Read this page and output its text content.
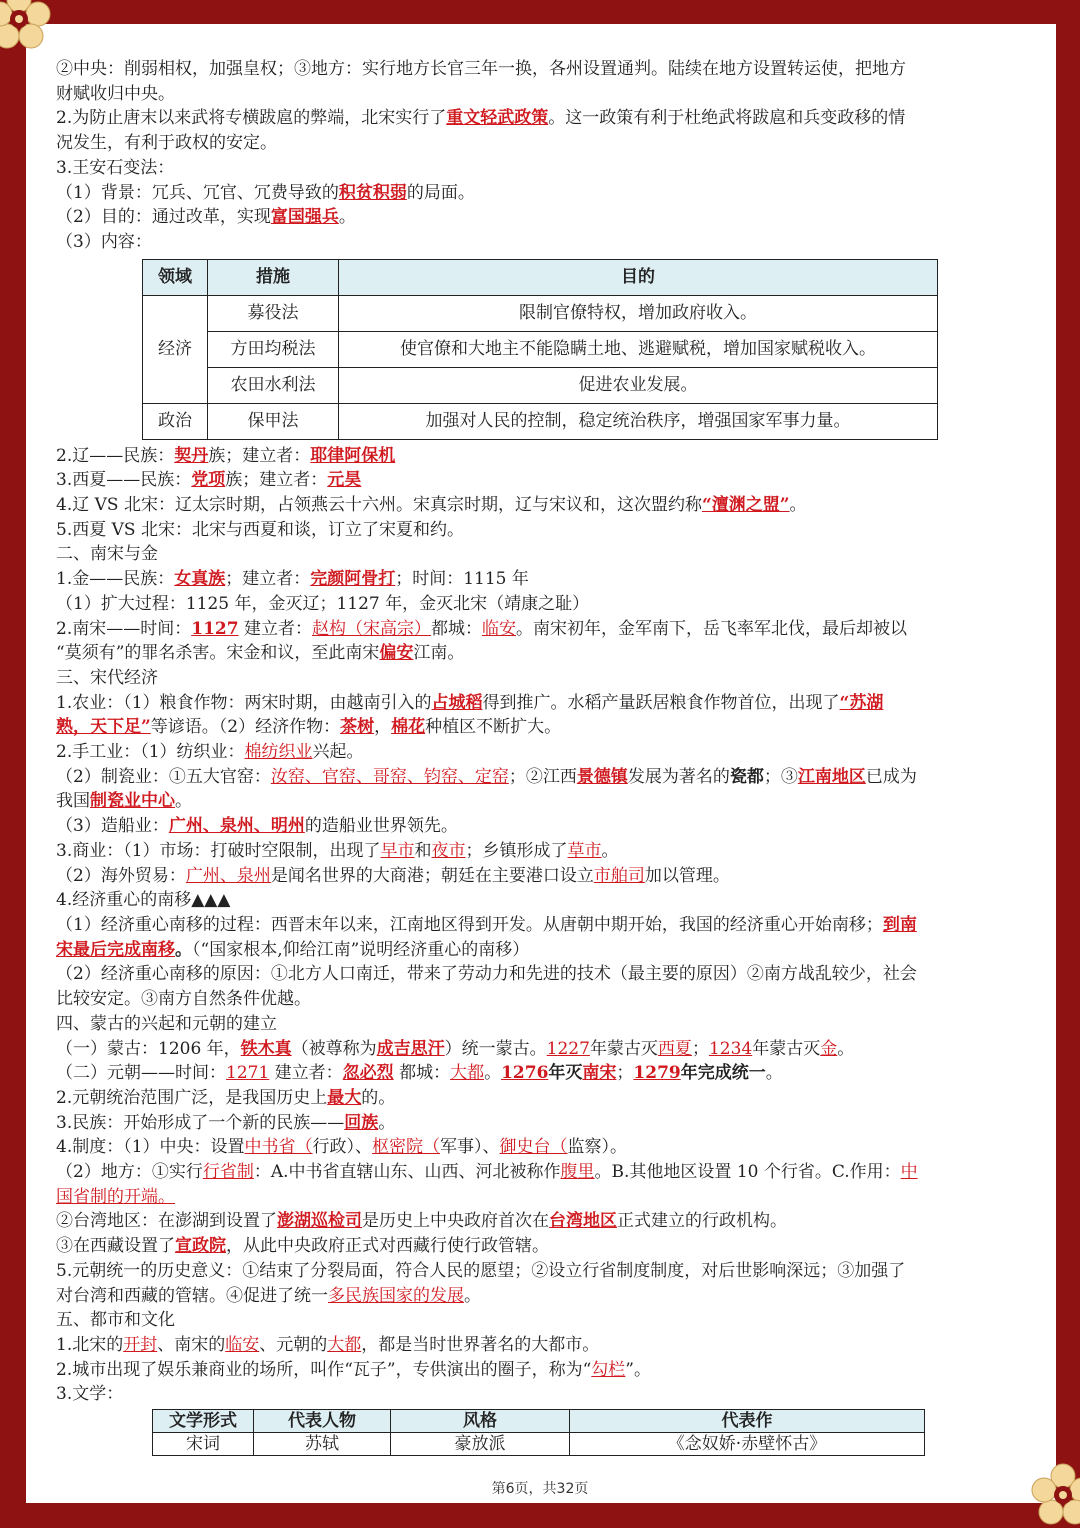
②中央：削弱相权，加强皇权；③地方：实行地方长官三年一换，各州设置通判。陆续在地方设置转运使，把地方

财赋收归中央。

2.为防止唐末以来武将专横跋扈的弊端，北宋实行了重文轻武政策。这一政策有利于杜绝武将跋扈和兵变政移的情

况发生，有利于政权的安定。

3.王安石变法：

（1）背景：冗兵、冗官、冗费导致的积贫积弱的局面。

（2）目的：通过改革，实现富国强兵。

（3）内容：

领域	措施	目的
经济	募役法	限制官僚特权，增加政府收入。
	方田均税法	使官僚和大地主不能隐瞒土地、逃避赋税，增加国家赋税收入。
	农田水利法	促进农业发展。
政治	保甲法	加强对人民的控制，稳定统治秩序，增强国家军事力量。

2.辽——民族：契丹族；建立者：耶律阿保机

3.西夏——民族：党项族；建立者：元昊

4.辽 VS 北宋：辽太宗时期，占领燕云十六州。宋真宗时期，辽与宋议和，这次盟约称“澶渊之盟”。

5.西夏 VS 北宋：北宋与西夏和谈，订立了宋夏和约。

二、南宋与金

1.金——民族：女真族；建立者：完颜阿骨打；时间：1115 年

（1）扩大过程：1125 年，金灭辽；1127 年，金灭北宋（靖康之耻）

2.南宋——时间：1127 建立者：赵构（宋高宗）都城：临安。南宋初年，金军南下，岳飞率军北伐，最后却被以

“莫须有”的罪名杀害。宋金和议，至此南宋偏安江南。

三、宋代经济

1.农业：（1）粮食作物：两宋时期，由越南引入的占城稻得到推广。水稻产量跃居粮食作物首位，出现了“苏湖

熟，天下足”等谚语。（2）经济作物：茶树，棉花种植区不断扩大。

2.手工业：（1）纺织业：棉纺织业兴起。

（2）制瓷业：①五大官窑：汝窑、官窑、哥窑、钧窑、定窑；②江西景德镇发展为著名的瓷都；③江南地区已成为

我国制瓷业中心。

（3）造船业：广州、泉州、明州的造船业世界领先。

3.商业：（1）市场：打破时空限制，出现了早市和夜市；乡镇形成了草市。

（2）海外贸易：广州、泉州是闻名世界的大商港；朝廷在主要港口设立市舶司加以管理。

4.经济重心的南移▲▲▲

（1）经济重心南移的过程：西晋末年以来，江南地区得到开发。从唐朝中期开始，我国的经济重心开始南移；到南

宋最后完成南移。（“国家根本,仰给江南”说明经济重心的南移）

（2）经济重心南移的原因：①北方人口南迁，带来了劳动力和先进的技术（最主要的原因）②南方战乱较少，社会

比较安定。③南方自然条件优越。

四、蒙古的兴起和元朝的建立

（一）蒙古：1206 年，铁木真（被尊称为成吉思汗）统一蒙古。1227年蒙古灭西夏；1234年蒙古灭金。

（二）元朝——时间：1271 建立者：忽必烈 都城：大都。1276年灭南宋；1279年完成统一。

2.元朝统治范围广泛，是我国历史上最大的。

3.民族：开始形成了一个新的民族——回族。

4.制度：（1）中央：设置中书省（行政）、枢密院（军事）、御史台（监察）。

（2）地方：①实行行省制：A.中书省直辖山东、山西、河北被称作腹里。B.其他地区设置 10 个行省。C.作用：中

国省制的开端。

②台湾地区：在澎湖到设置了澎湖巡检司是历史上中央政府首次在台湾地区正式建立的行政机构。

③在西藏设置了宣政院，从此中央政府正式对西藏行使行政管辖。

5.元朝统一的历史意义：①结束了分裂局面，符合人民的愿望；②设立行省制度制度，对后世影响深远；③加强了

对台湾和西藏的管辖。④促进了统一多民族国家的发展。

五、都市和文化

1.北宋的开封、南宋的临安、元朝的大都，都是当时世界著名的大都市。

2.城市出现了娱乐兼商业的场所，叫作“瓦子”，专供演出的圈子，称为“勾栏”。

3.文学：

文学形式	代表人物	风格	代表作
宋词	苏轼	豪放派	《念奴娇·赤壁怀古》
第6页，共32页
